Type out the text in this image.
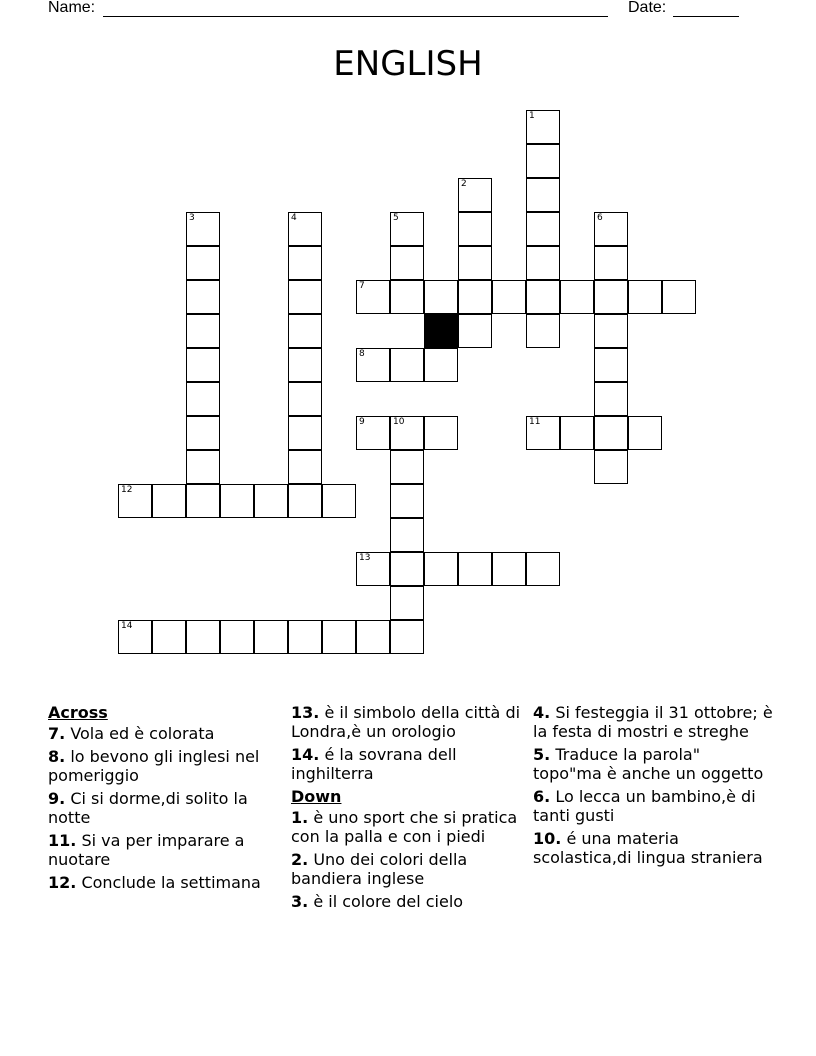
Name:	Date:
ENGLISH
1
2
3	4	5	6
10
7
8
9	11
12
13
14
Across
7. Vola ed è colorata
8. lo bevono gli inglesi nel pomeriggio
9. Ci si dorme,di solito la notte
11. Si va per imparare a nuotare
12. Conclude la settimana
13. è il simbolo della città di Londra,è un orologio
14. é la sovrana dell inghilterra
Down
1. è uno sport che si pratica con la palla e con i piedi
2. Uno dei colori della bandiera inglese
3. è il colore del cielo
4. Si festeggia il 31 ottobre; è la festa di mostri e streghe
5. Traduce la parola" topo"ma è anche un oggetto
6. Lo lecca un bambino,è di tanti gusti
10. é una materia scolastica,di lingua straniera
